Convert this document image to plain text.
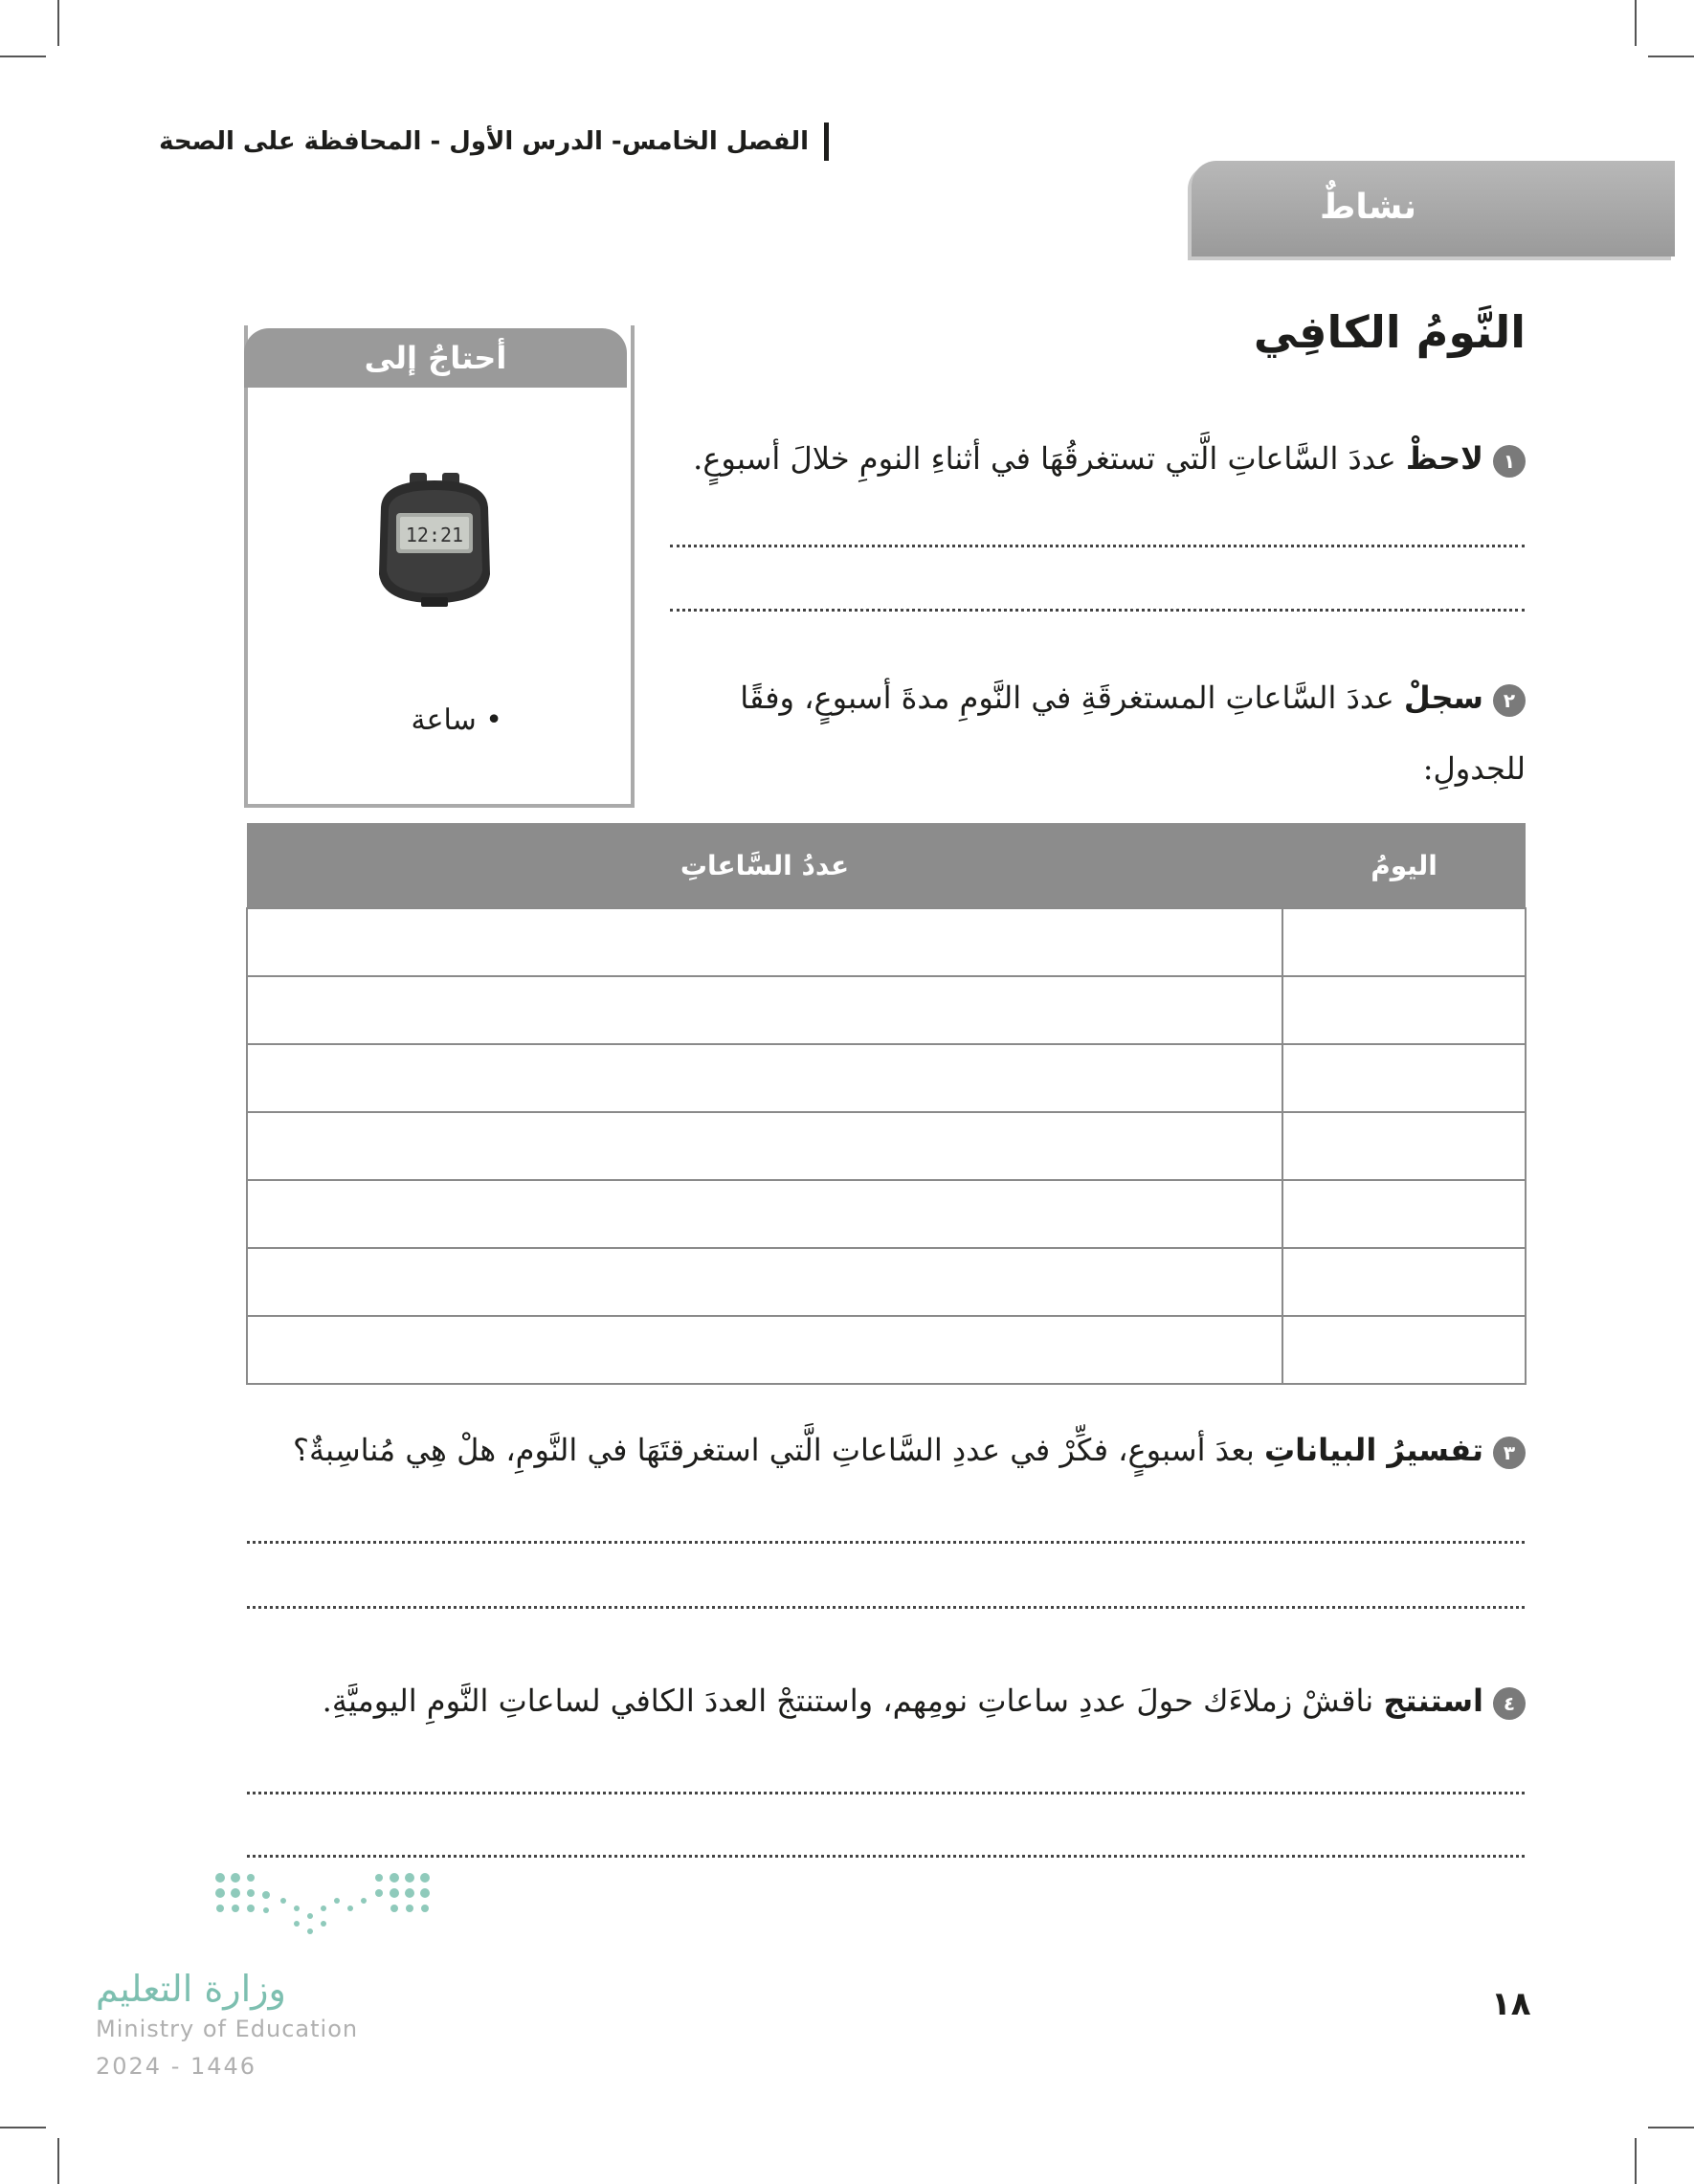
الفصل الخامس- الدرس الأول - المحافظة على الصحة
نشاطٌ
النَّومُ الكافِي
أحتاجُ إلى
12:21
• ساعة
١لاحظْ عددَ السَّاعاتِ الَّتي تستغرقُهَا في أثناءِ النومِ خلالَ أسبوعٍ.
٢سجلْ عددَ السَّاعاتِ المستغرقَةِ في النَّومِ مدةَ أسبوعٍ، وفقًا للجدولِ:
عددُ السَّاعاتِ	اليومُ

٣تفسيرُ البياناتِ بعدَ أسبوعٍ، فكِّرْ في عددِ السَّاعاتِ الَّتي استغرقتَهَا في النَّومِ، هلْ هِي مُناسِبةٌ؟
٤استنتج ناقشْ زملاءَك حولَ عددِ ساعاتِ نومِهم، واستنتجْ العددَ الكافي لساعاتِ النَّومِ اليوميَّةِ.
وزارة التعليم
Ministry of Education
2024 - 1446
١٨
